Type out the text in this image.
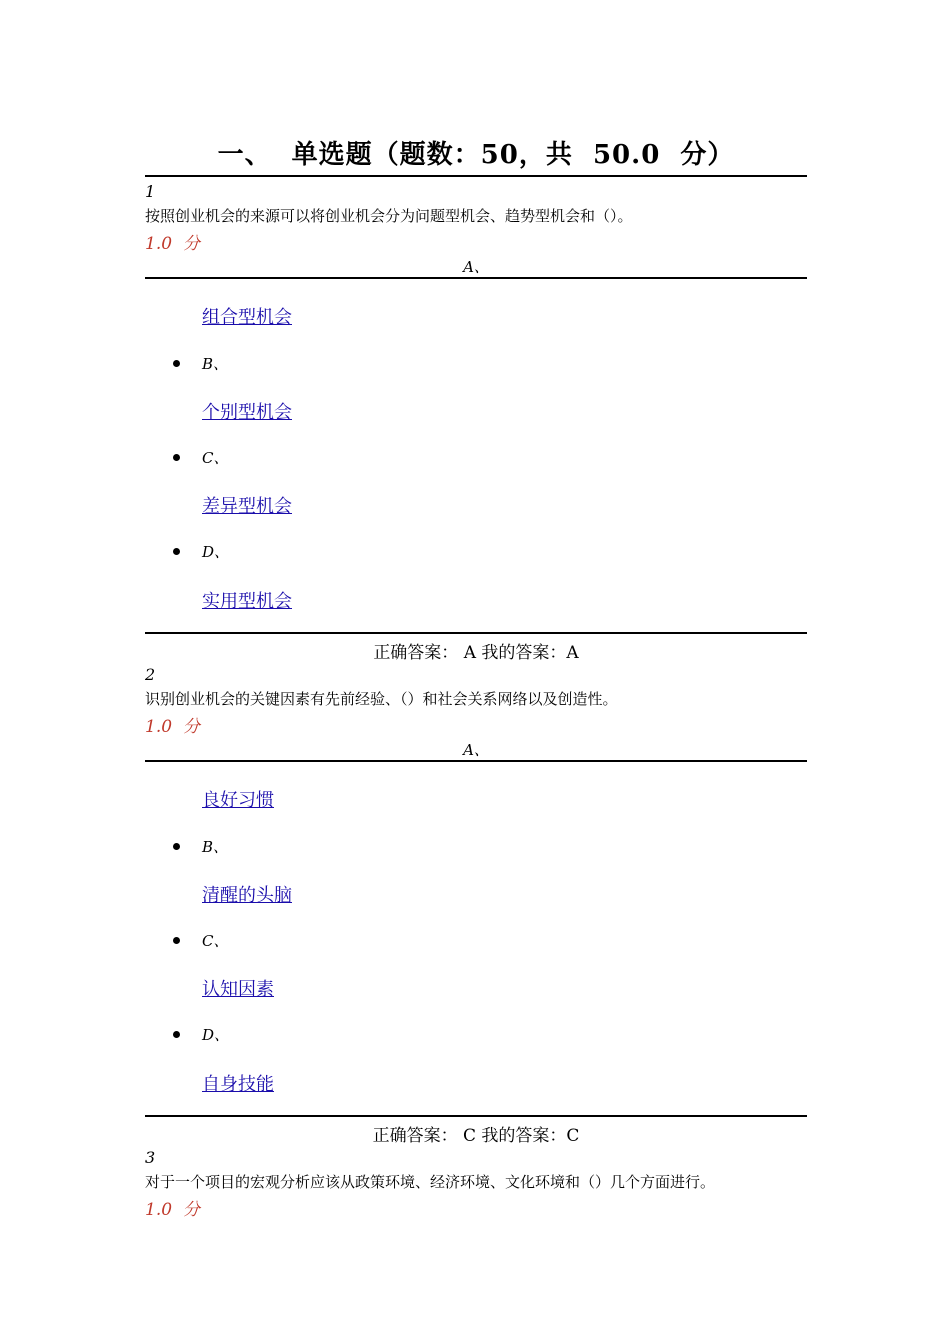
一、  单选题（题数：50，共  50.0  分）
1
按照创业机会的来源可以将创业机会分为问题型机会、趋势型机会和（）。
1.0  分
A、
组合型机会
B、
个别型机会
C、
差异型机会
D、
实用型机会
正确答案： A 我的答案：A
2
识别创业机会的关键因素有先前经验、（）和社会关系网络以及创造性。
1.0  分
A、
良好习惯
B、
清醒的头脑
C、
认知因素
D、
自身技能
正确答案： C 我的答案：C
3
对于一个项目的宏观分析应该从政策环境、经济环境、文化环境和（）几个方面进行。
1.0  分
